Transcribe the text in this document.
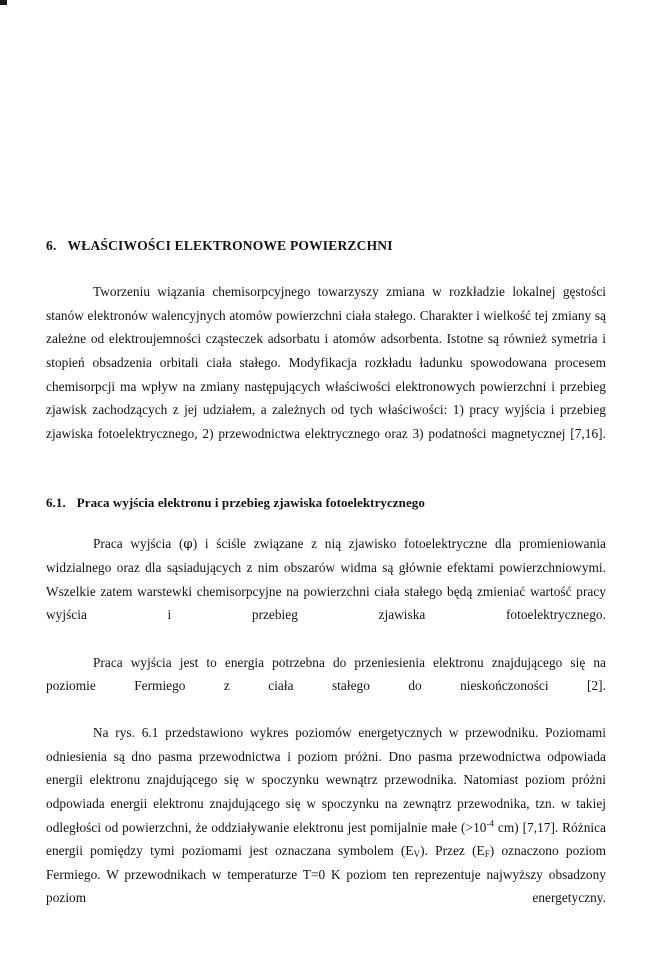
6. WŁAŚCIWOŚCI ELEKTRONOWE POWIERZCHNI

Tworzeniu wiązania chemisorpcyjnego towarzyszy zmiana w rozkładzie lokalnej gęstości stanów elektronów walencyjnych atomów powierzchni ciała stałego. Charakter i wielkość tej zmiany są zależne od elektroujemności cząsteczek adsorbatu i atomów adsorbenta. Istotne są również symetria i stopień obsadzenia orbitali ciała stałego. Modyfikacja rozkładu ładunku spowodowana procesem chemisorpcji ma wpływ na zmiany następujących właściwości elektronowych powierzchni i przebieg zjawisk zachodzących z jej udziałem, a zależnych od tych właściwości: 1) pracy wyjścia i przebieg zjawiska fotoelektrycznego, 2) przewodnictwa elektrycznego oraz 3) podatności magnetycznej [7,16].

6.1. Praca wyjścia elektronu i przebieg zjawiska fotoelektrycznego

Praca wyjścia (φ) i ściśle związane z nią zjawisko fotoelektryczne dla promieniowania widzialnego oraz dla sąsiadujących z nim obszarów widma są głównie efektami powierzchniowymi. Wszelkie zatem warstewki chemisorpcyjne na powierzchni ciała stałego będą zmieniać wartość pracy wyjścia i przebieg zjawiska fotoelektrycznego.

Praca wyjścia jest to energia potrzebna do przeniesienia elektronu znajdującego się na poziomie Fermiego z ciała stałego do nieskończoności [2].

Na rys. 6.1 przedstawiono wykres poziomów energetycznych w przewodniku. Poziomami odniesienia są dno pasma przewodnictwa i poziom próżni. Dno pasma przewodnictwa odpowiada energii elektronu znajdującego się w spoczynku wewnątrz przewodnika. Natomiast poziom próżni odpowiada energii elektronu znajdującego się w spoczynku na zewnątrz przewodnika, tzn. w takiej odległości od powierzchni, że oddziaływanie elektronu jest pomijalnie małe ($>10^{-4}$ cm) [7,17]. Różnica energii pomiędzy tymi poziomami jest oznaczana symbolem $(E_V)$. Przez $(E_F)$ oznaczono poziom Fermiego. W przewodnikach w temperaturze T=0 K poziom ten reprezentuje najwyższy obsadzony poziom energetyczny.
